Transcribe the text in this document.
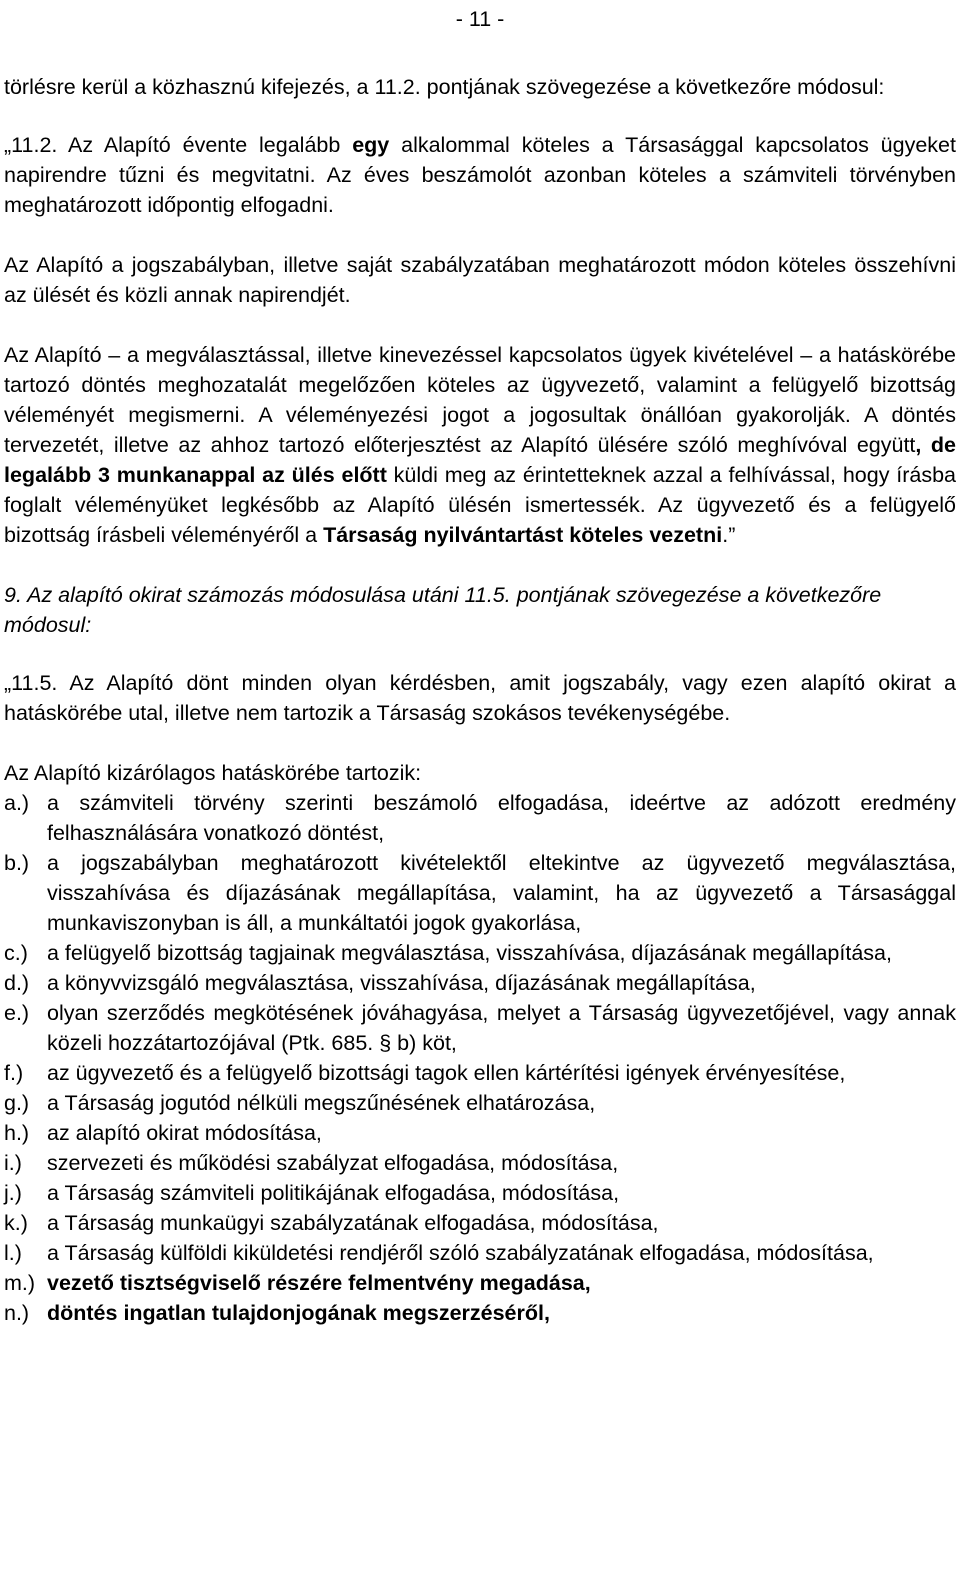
- 11 -

törlésre kerül a közhasznú kifejezés, a 11.2. pontjának szövegezése a következőre módosul:

„11.2. Az Alapító évente legalább egy alkalommal köteles a Társasággal kapcsolatos ügyeket napirendre tűzni és megvitatni. Az éves beszámolót azonban köteles a számviteli törvényben meghatározott időpontig elfogadni.

Az Alapító a jogszabályban, illetve saját szabályzatában meghatározott módon köteles összehívni az ülését és közli annak napirendjét.

Az Alapító – a megválasztással, illetve kinevezéssel kapcsolatos ügyek kivételével – a hatáskörébe tartozó döntés meghozatalát megelőzően köteles az ügyvezető, valamint a felügyelő bizottság véleményét megismerni. A véleményezési jogot a jogosultak önállóan gyakorolják. A döntés tervezetét, illetve az ahhoz tartozó előterjesztést az Alapító ülésére szóló meghívóval együtt, de legalább 3 munkanappal az ülés előtt küldi meg az érintetteknek azzal a felhívással, hogy írásba foglalt véleményüket legkésőbb az Alapító ülésén ismertessék. Az ügyvezető és a felügyelő bizottság írásbeli véleményéről a Társaság nyilvántartást köteles vezetni.”

9. Az alapító okirat számozás módosulása utáni 11.5. pontjának szövegezése a következőre módosul:

„11.5. Az Alapító dönt minden olyan kérdésben, amit jogszabály, vagy ezen alapító okirat a hatáskörébe utal, illetve nem tartozik a Társaság szokásos tevékenységébe.

Az Alapító kizárólagos hatáskörébe tartozik:

a.) a számviteli törvény szerinti beszámoló elfogadása, ideértve az adózott eredmény felhasználására vonatkozó döntést,
b.) a jogszabályban meghatározott kivételektől eltekintve az ügyvezető megválasztása, visszahívása és díjazásának megállapítása, valamint, ha az ügyvezető a Társasággal munkaviszonyban is áll, a munkáltatói jogok gyakorlása,
c.) a felügyelő bizottság tagjainak megválasztása, visszahívása, díjazásának megállapítása,
d.) a könyvvizsgáló megválasztása, visszahívása, díjazásának megállapítása,
e.) olyan szerződés megkötésének jóváhagyása, melyet a Társaság ügyvezetőjével, vagy annak közeli hozzátartozójával (Ptk. 685. § b) köt,
f.) az ügyvezető és a felügyelő bizottsági tagok ellen kártérítési igények érvényesítése,
g.) a Társaság jogutód nélküli megszűnésének elhatározása,
h.) az alapító okirat módosítása,
i.) szervezeti és működési szabályzat elfogadása, módosítása,
j.) a Társaság számviteli politikájának elfogadása, módosítása,
k.) a Társaság munkaügyi szabályzatának elfogadása, módosítása,
l.) a Társaság külföldi kiküldetési rendjéről szóló szabályzatának elfogadása, módosítása,
m.) vezető tisztségviselő részére felmentvény megadása,
n.) döntés ingatlan tulajdonjogának megszerzéséről,
